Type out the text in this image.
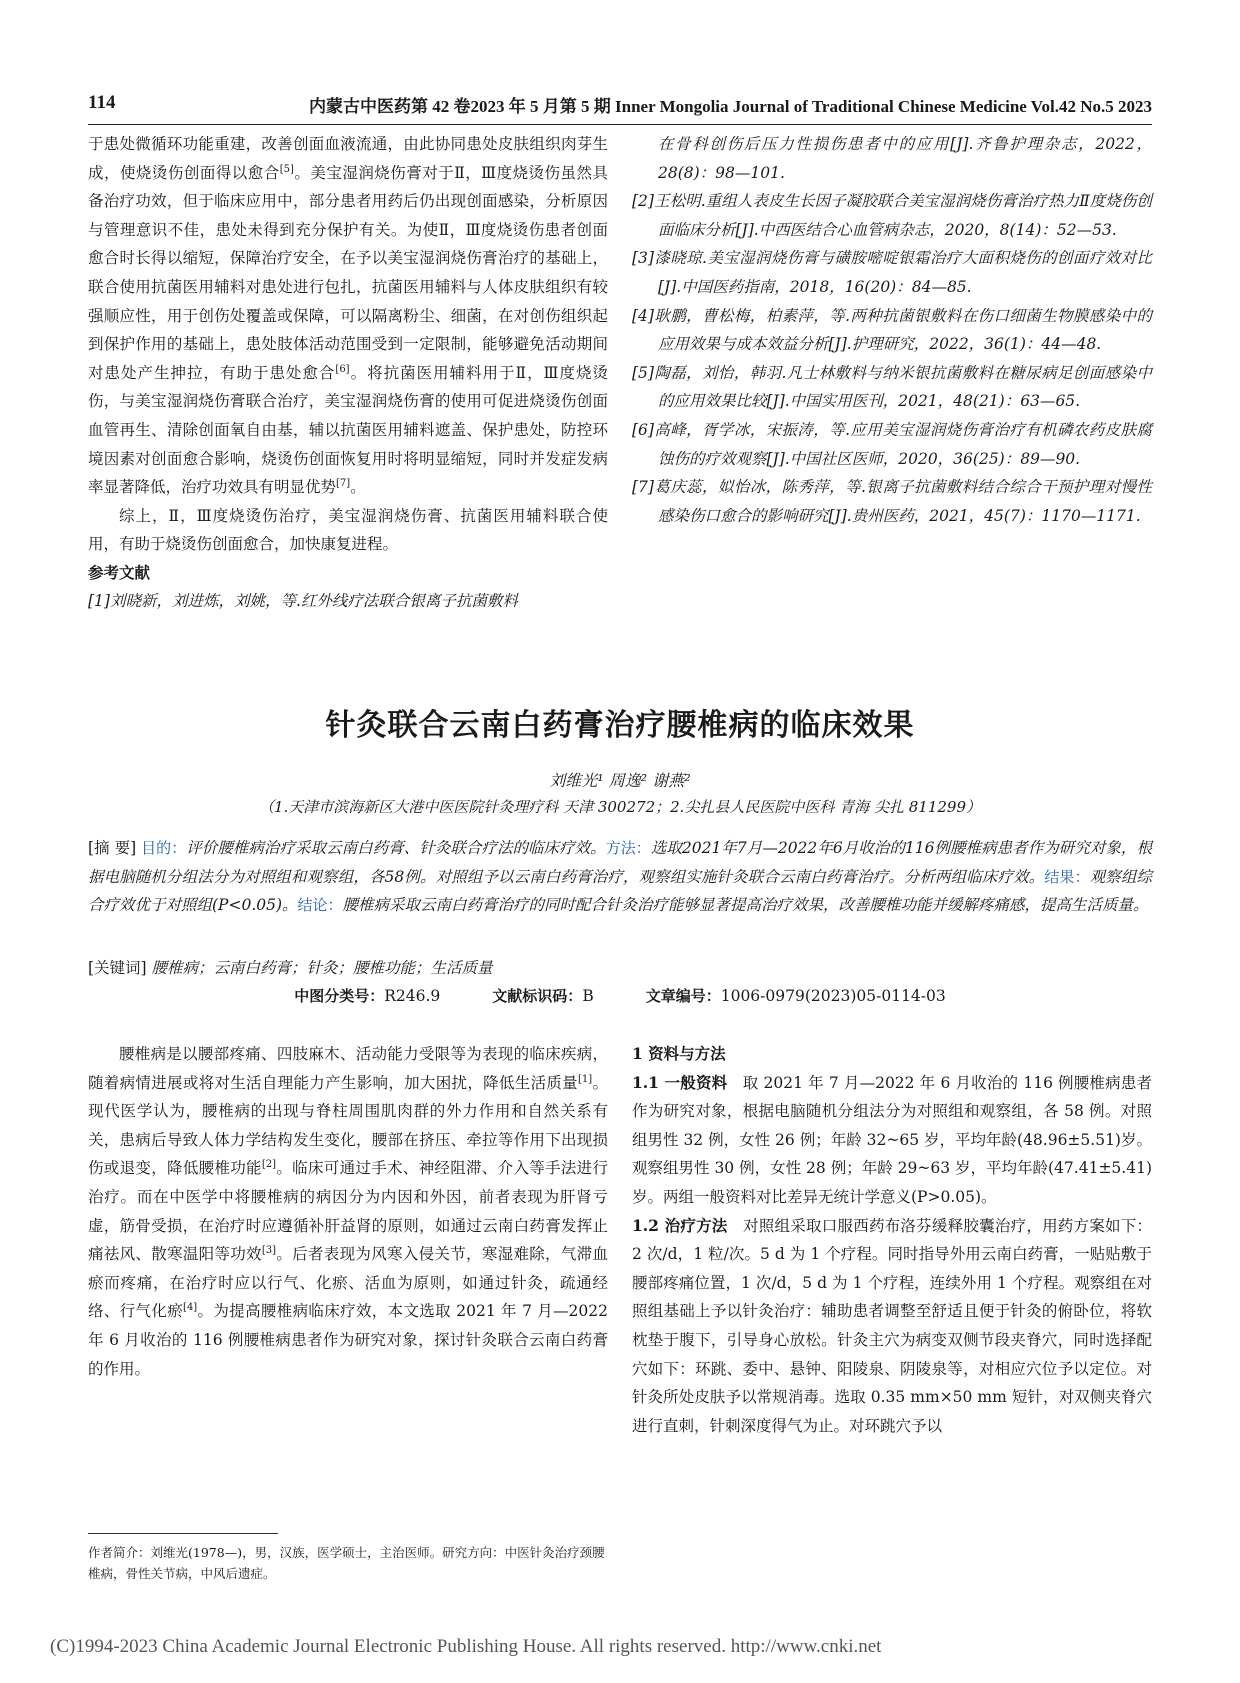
114	内蒙古中医药第 42 卷2023 年 5 月第 5 期 Inner Mongolia Journal of Traditional Chinese Medicine Vol.42 No.5 2023

于患处微循环功能重建，改善创面血液流通，由此协同患处皮肤组织肉芽生成，使烧烫伤创面得以愈合[5]。美宝湿润烧伤膏对于Ⅱ，Ⅲ度烧烫伤虽然具备治疗功效，但于临床应用中，部分患者用药后仍出现创面感染，分析原因与管理意识不佳，患处未得到充分保护有关。为使Ⅱ，Ⅲ度烧烫伤患者创面愈合时长得以缩短，保障治疗安全，在予以美宝湿润烧伤膏治疗的基础上，联合使用抗菌医用辅料对患处进行包扎，抗菌医用辅料与人体皮肤组织有较强顺应性，用于创伤处覆盖或保障，可以隔离粉尘、细菌，在对创伤组织起到保护作用的基础上，患处肢体活动范围受到一定限制，能够避免活动期间对患处产生抻拉，有助于患处愈合[6]。将抗菌医用辅料用于Ⅱ，Ⅲ度烧烫伤，与美宝湿润烧伤膏联合治疗，美宝湿润烧伤膏的使用可促进烧烫伤创面血管再生、清除创面氧自由基，辅以抗菌医用辅料遮盖、保护患处，防控环境因素对创面愈合影响，烧烫伤创面恢复用时将明显缩短，同时并发症发病率显著降低，治疗功效具有明显优势[7]。

综上，Ⅱ，Ⅲ度烧烫伤治疗，美宝湿润烧伤膏、抗菌医用辅料联合使用，有助于烧烫伤创面愈合，加快康复进程。

参考文献

[1]刘晓新，刘进炼，刘姚，等.红外线疗法联合银离子抗菌敷料

在骨科创伤后压力性损伤患者中的应用[J].齐鲁护理杂志，2022，28(8)：98—101.

[2]王松明.重组人表皮生长因子凝胶联合美宝湿润烧伤膏治疗热力Ⅱ度烧伤创面临床分析[J].中西医结合心血管病杂志，2020，8(14)：52—53.

[3]漆晓琼.美宝湿润烧伤膏与磺胺嘧啶银霜治疗大面积烧伤的创面疗效对比[J].中国医药指南，2018，16(20)：84—85.

[4]耿鹏，曹松梅，柏素萍，等.两种抗菌银敷料在伤口细菌生物膜感染中的应用效果与成本效益分析[J].护理研究，2022，36(1)：44—48.

[5]陶磊，刘怡，韩羽.凡士林敷料与纳米银抗菌敷料在糖尿病足创面感染中的应用效果比较[J].中国实用医刊，2021，48(21)：63—65.

[6]高峰，胥学冰，宋振涛，等.应用美宝湿润烧伤膏治疗有机磷农药皮肤腐蚀伤的疗效观察[J].中国社区医师，2020，36(25)：89—90.

[7]葛庆蕊，姒怡冰，陈秀萍，等.银离子抗菌敷料结合综合干预护理对慢性感染伤口愈合的影响研究[J].贵州医药，2021，45(7)：1170—1171.

针灸联合云南白药膏治疗腰椎病的临床效果
刘维光¹ 周逸² 谢燕²
（1.天津市滨海新区大港中医医院针灸理疗科 天津 300272；2.尖扎县人民医院中医科 青海 尖扎 811299）
[摘 要] 目的：评价腰椎病治疗采取云南白药膏、针灸联合疗法的临床疗效。方法：选取2021年7月—2022年6月收治的116例腰椎病患者作为研究对象，根据电脑随机分组法分为对照组和观察组，各58例。对照组予以云南白药膏治疗，观察组实施针灸联合云南白药膏治疗。分析两组临床疗效。结果：观察组综合疗效优于对照组(P<0.05)。结论：腰椎病采取云南白药膏治疗的同时配合针灸治疗能够显著提高治疗效果，改善腰椎功能并缓解疼痛感，提高生活质量。
[关键词] 腰椎病；云南白药膏；针灸；腰椎功能；生活质量
中图分类号：R246.9	文献标识码：B	文章编号：1006-0979(2023)05-0114-03

腰椎病是以腰部疼痛、四肢麻木、活动能力受限等为表现的临床疾病，随着病情进展或将对生活自理能力产生影响，加大困扰，降低生活质量[1]。现代医学认为，腰椎病的出现与脊柱周围肌肉群的外力作用和自然关系有关，患病后导致人体力学结构发生变化，腰部在挤压、牵拉等作用下出现损伤或退变，降低腰椎功能[2]。临床可通过手术、神经阻滞、介入等手法进行治疗。而在中医学中将腰椎病的病因分为内因和外因，前者表现为肝肾亏虚，筋骨受损，在治疗时应遵循补肝益肾的原则，如通过云南白药膏发挥止痛祛风、散寒温阳等功效[3]。后者表现为风寒入侵关节，寒湿难除，气滞血瘀而疼痛，在治疗时应以行气、化瘀、活血为原则，如通过针灸，疏通经络、行气化瘀[4]。为提高腰椎病临床疗效，本文选取 2021 年 7 月—2022 年 6 月收治的 116 例腰椎病患者作为研究对象，探讨针灸联合云南白药膏的作用。

1 资料与方法

1.1 一般资料 取 2021 年 7 月—2022 年 6 月收治的 116 例腰椎病患者作为研究对象，根据电脑随机分组法分为对照组和观察组，各 58 例。对照组男性 32 例，女性 26 例；年龄 32~65 岁，平均年龄(48.96±5.51)岁。观察组男性 30 例，女性 28 例；年龄 29~63 岁，平均年龄(47.41±5.41)岁。两组一般资料对比差异无统计学意义(P>0.05)。

1.2 治疗方法 对照组采取口服西药布洛芬缓释胶囊治疗，用药方案如下：2 次/d，1 粒/次。5 d 为 1 个疗程。同时指导外用云南白药膏，一贴贴敷于腰部疼痛位置，1 次/d，5 d 为 1 个疗程，连续外用 1 个疗程。观察组在对照组基础上予以针灸治疗：辅助患者调整至舒适且便于针灸的俯卧位，将软枕垫于腹下，引导身心放松。针灸主穴为病变双侧节段夹脊穴，同时选择配穴如下：环跳、委中、悬钟、阳陵泉、阴陵泉等，对相应穴位予以定位。对针灸所处皮肤予以常规消毒。选取 0.35 mm×50 mm 短针，对双侧夹脊穴进行直刺，针刺深度得气为止。对环跳穴予以

作者简介：刘维光(1978—)，男，汉族，医学硕士，主治医师。研究方向：中医针灸治疗颈腰椎病，骨性关节病，中风后遗症。
(C)1994-2023 China Academic Journal Electronic Publishing House. All rights reserved. http://www.cnki.net
